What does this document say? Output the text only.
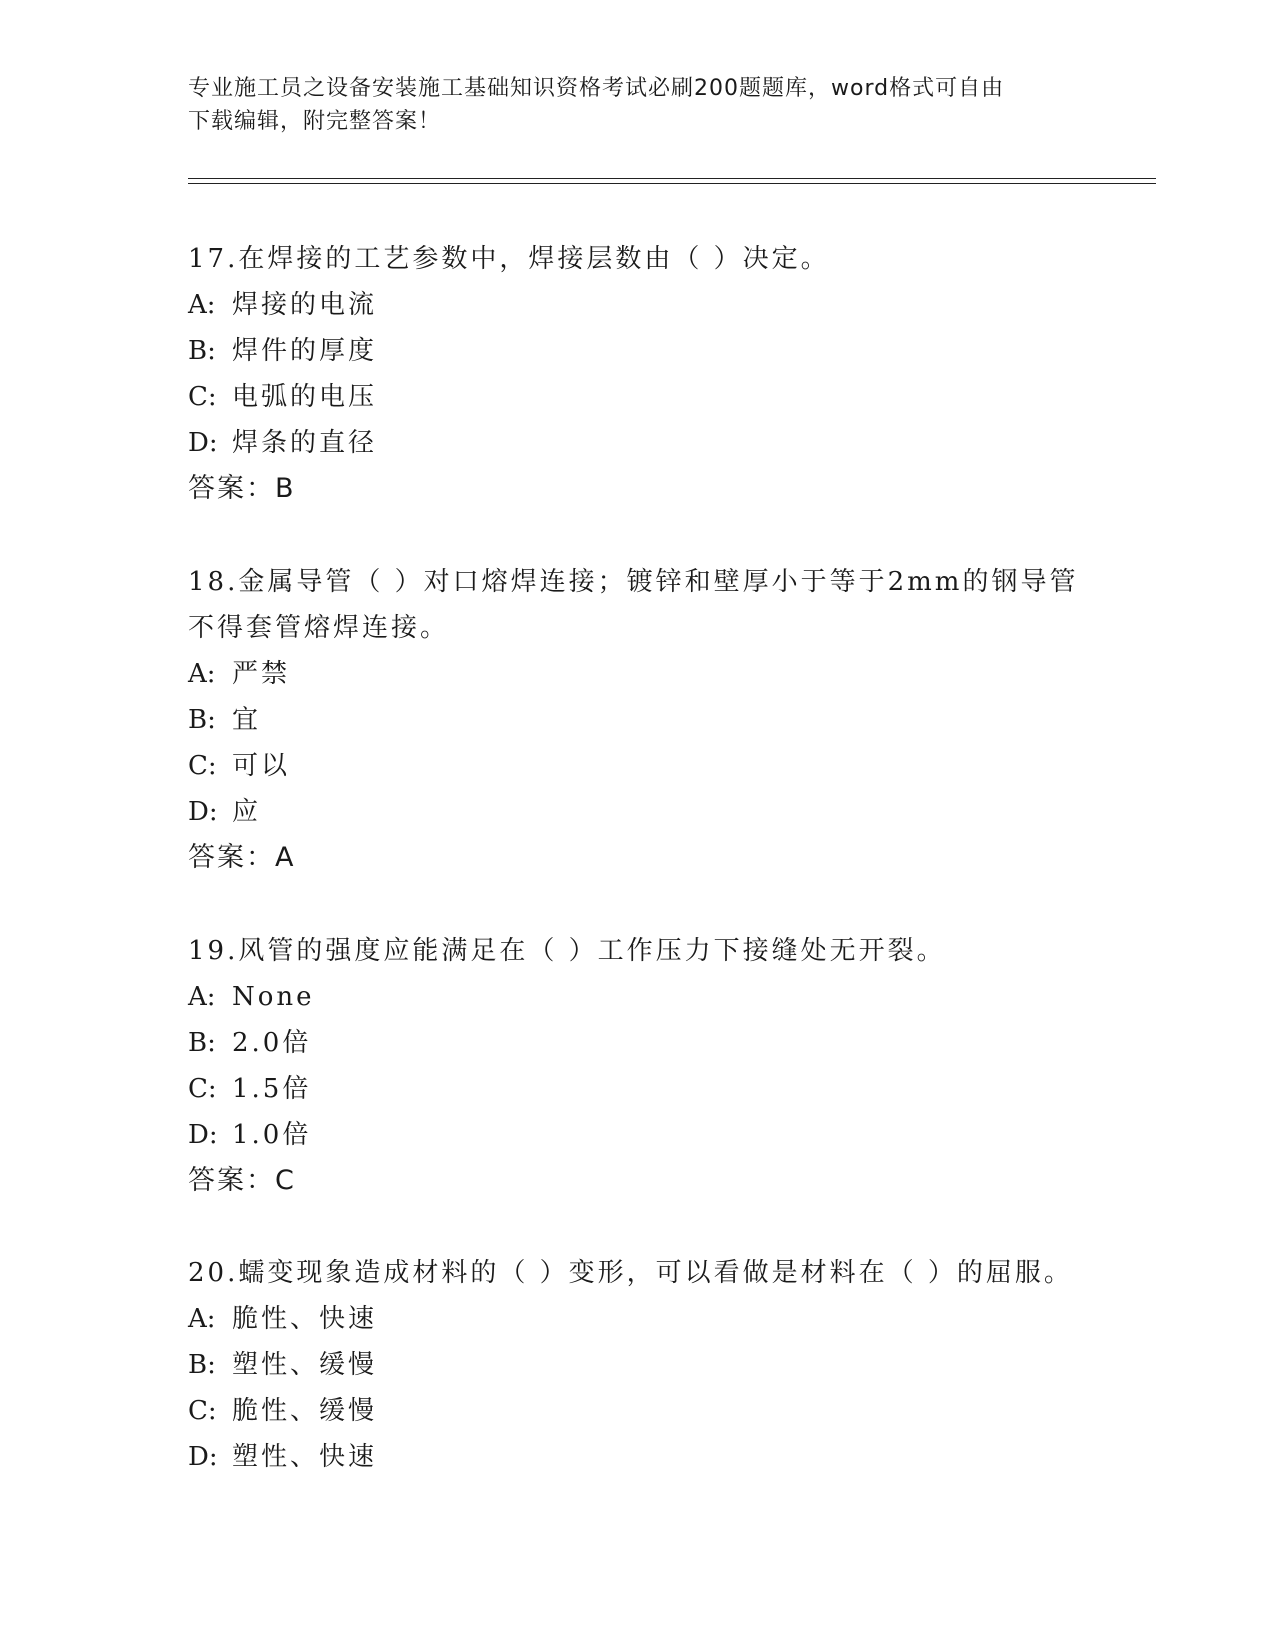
专业施工员之设备安装施工基础知识资格考试必刷200题题库，word格式可自由
下载编辑，附完整答案！
17.在焊接的工艺参数中，焊接层数由（ ）决定。
A: 焊接的电流
B: 焊件的厚度
C: 电弧的电压
D: 焊条的直径
答案：B
18.金属导管（ ）对口熔焊连接；镀锌和壁厚小于等于2mm的钢导管
不得套管熔焊连接。
A: 严禁
B: 宜
C: 可以
D: 应
答案：A
19.风管的强度应能满足在（ ）工作压力下接缝处无开裂。
A: None
B: 2.0倍
C: 1.5倍
D: 1.0倍
答案：C
20.蠕变现象造成材料的（ ）变形，可以看做是材料在（ ）的屈服。
A: 脆性、快速
B: 塑性、缓慢
C: 脆性、缓慢
D: 塑性、快速
